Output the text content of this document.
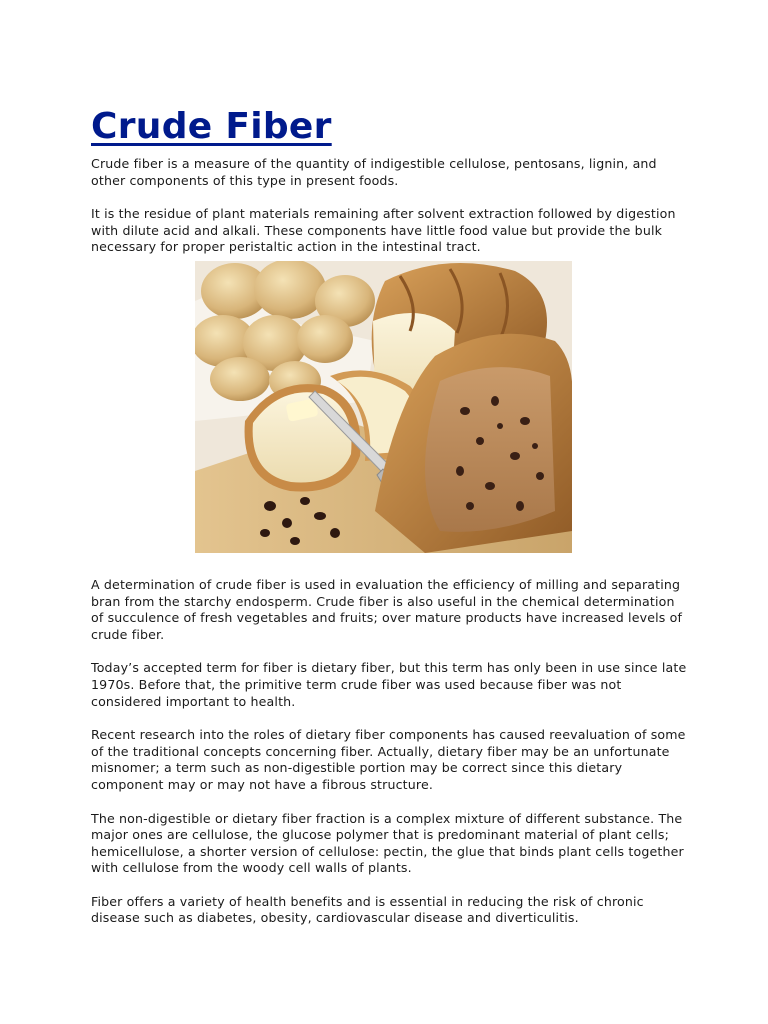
Crude Fiber

Crude fiber is a measure of the quantity of indigestible cellulose, pentosans, lignin, and other components of this type in present foods.

It is the residue of plant materials remaining after solvent extraction followed by digestion with dilute acid and alkali. These components have little food value but provide the bulk necessary for proper peristaltic action in the intestinal tract.

A determination of crude fiber is used in evaluation the efficiency of milling and separating bran from the starchy endosperm. Crude fiber is also useful in the chemical determination of succulence of fresh vegetables and fruits; over mature products have increased levels of crude fiber.

Today’s accepted term for fiber is dietary fiber, but this term has only been in use since late 1970s. Before that, the primitive term crude fiber was used because fiber was not considered important to health.

Recent research into the roles of dietary fiber components has caused reevaluation of some of the traditional concepts concerning fiber. Actually, dietary fiber may be an unfortunate misnomer; a term such as non-digestible portion may be correct since this dietary component may or may not have a fibrous structure.

The non-digestible or dietary fiber fraction is a complex mixture of different substance. The major ones are cellulose, the glucose polymer that is predominant material of plant cells; hemicellulose, a shorter version of cellulose: pectin, the glue that binds plant cells together with cellulose from the woody cell walls of plants.

Fiber offers a variety of health benefits and is essential in reducing the risk of chronic disease such as diabetes, obesity, cardiovascular disease and diverticulitis.
